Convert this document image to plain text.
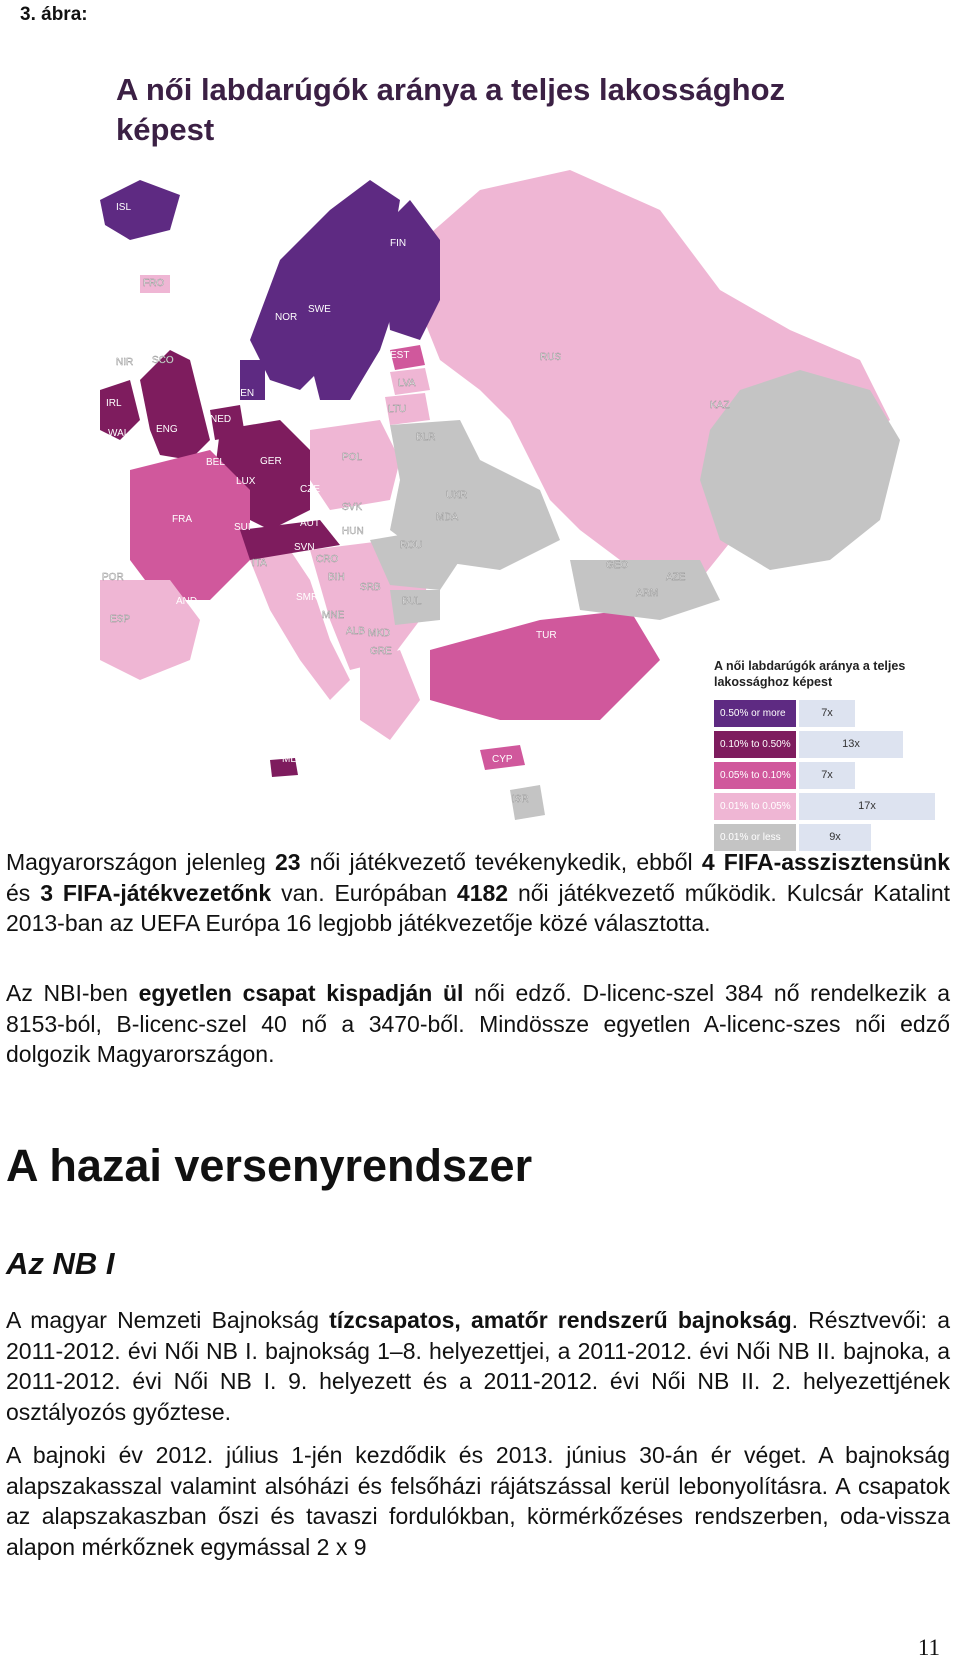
3. ábra:
ISL
FIN
SWE
NOR
DEN
FRO
EST
LVA
LTU
RUS
KAZ
NIR SCO
IRL
WAL	ENG
NED
BEL
LUX
GER
CZE
POL
BLR
UKR
MDA
FRA
SUI	AUT
SVK
HUN
SVN
CRO
ROU
BIH
SRB
BUL
MNE
ALB MKD
GRE
ITA
SMR
POR
ESP
AND
MLT	CYP
ISR
TUR
GEO
ARM
AZE
A női labdarúgók aránya a teljes lakossághoz képest
A női labdarúgók aránya a teljes lakossághoz képest
0.50% or more	7x
0.10% to 0.50%	13x
0.05% to 0.10%	7x
0.01% to 0.05%	17x
0.01% or less	9x
Magyarországon jelenleg 23 női játékvezető tevékenykedik, ebből 4 FIFA-asszisztensünk és 3 FIFA-játékvezetőnk van. Európában 4182 női játékvezető működik. Kulcsár Katalint 2013-ban az UEFA Európa 16 legjobb játékvezetője közé választotta.
Az NBI-ben egyetlen csapat kispadján ül női edző. D-licenc-szel 384 nő rendelkezik a 8153-ból, B-licenc-szel 40 nő a 3470-ből. Mindössze egyetlen A-licenc-szes női edző dolgozik Magyarországon.
A hazai versenyrendszer
Az NB I
A magyar Nemzeti Bajnokság tízcsapatos, amatőr rendszerű bajnokság. Résztvevői: a 2011-2012. évi Női NB I. bajnokság 1–8. helyezettjei, a 2011-2012. évi Női NB II. bajnoka, a 2011-2012. évi Női NB I. 9. helyezett és a 2011-2012. évi Női NB II. 2. helyezettjének osztályozós győztese.
A bajnoki év 2012. július 1-jén kezdődik és 2013. június 30-án ér véget. A bajnokság alapszakasszal valamint alsóházi és felsőházi rájátszással kerül lebonyolításra. A csapatok az alapszakaszban őszi és tavaszi fordulókban, körmérkőzéses rendszerben, oda-vissza alapon mérkőznek egymással 2 x 9
11
